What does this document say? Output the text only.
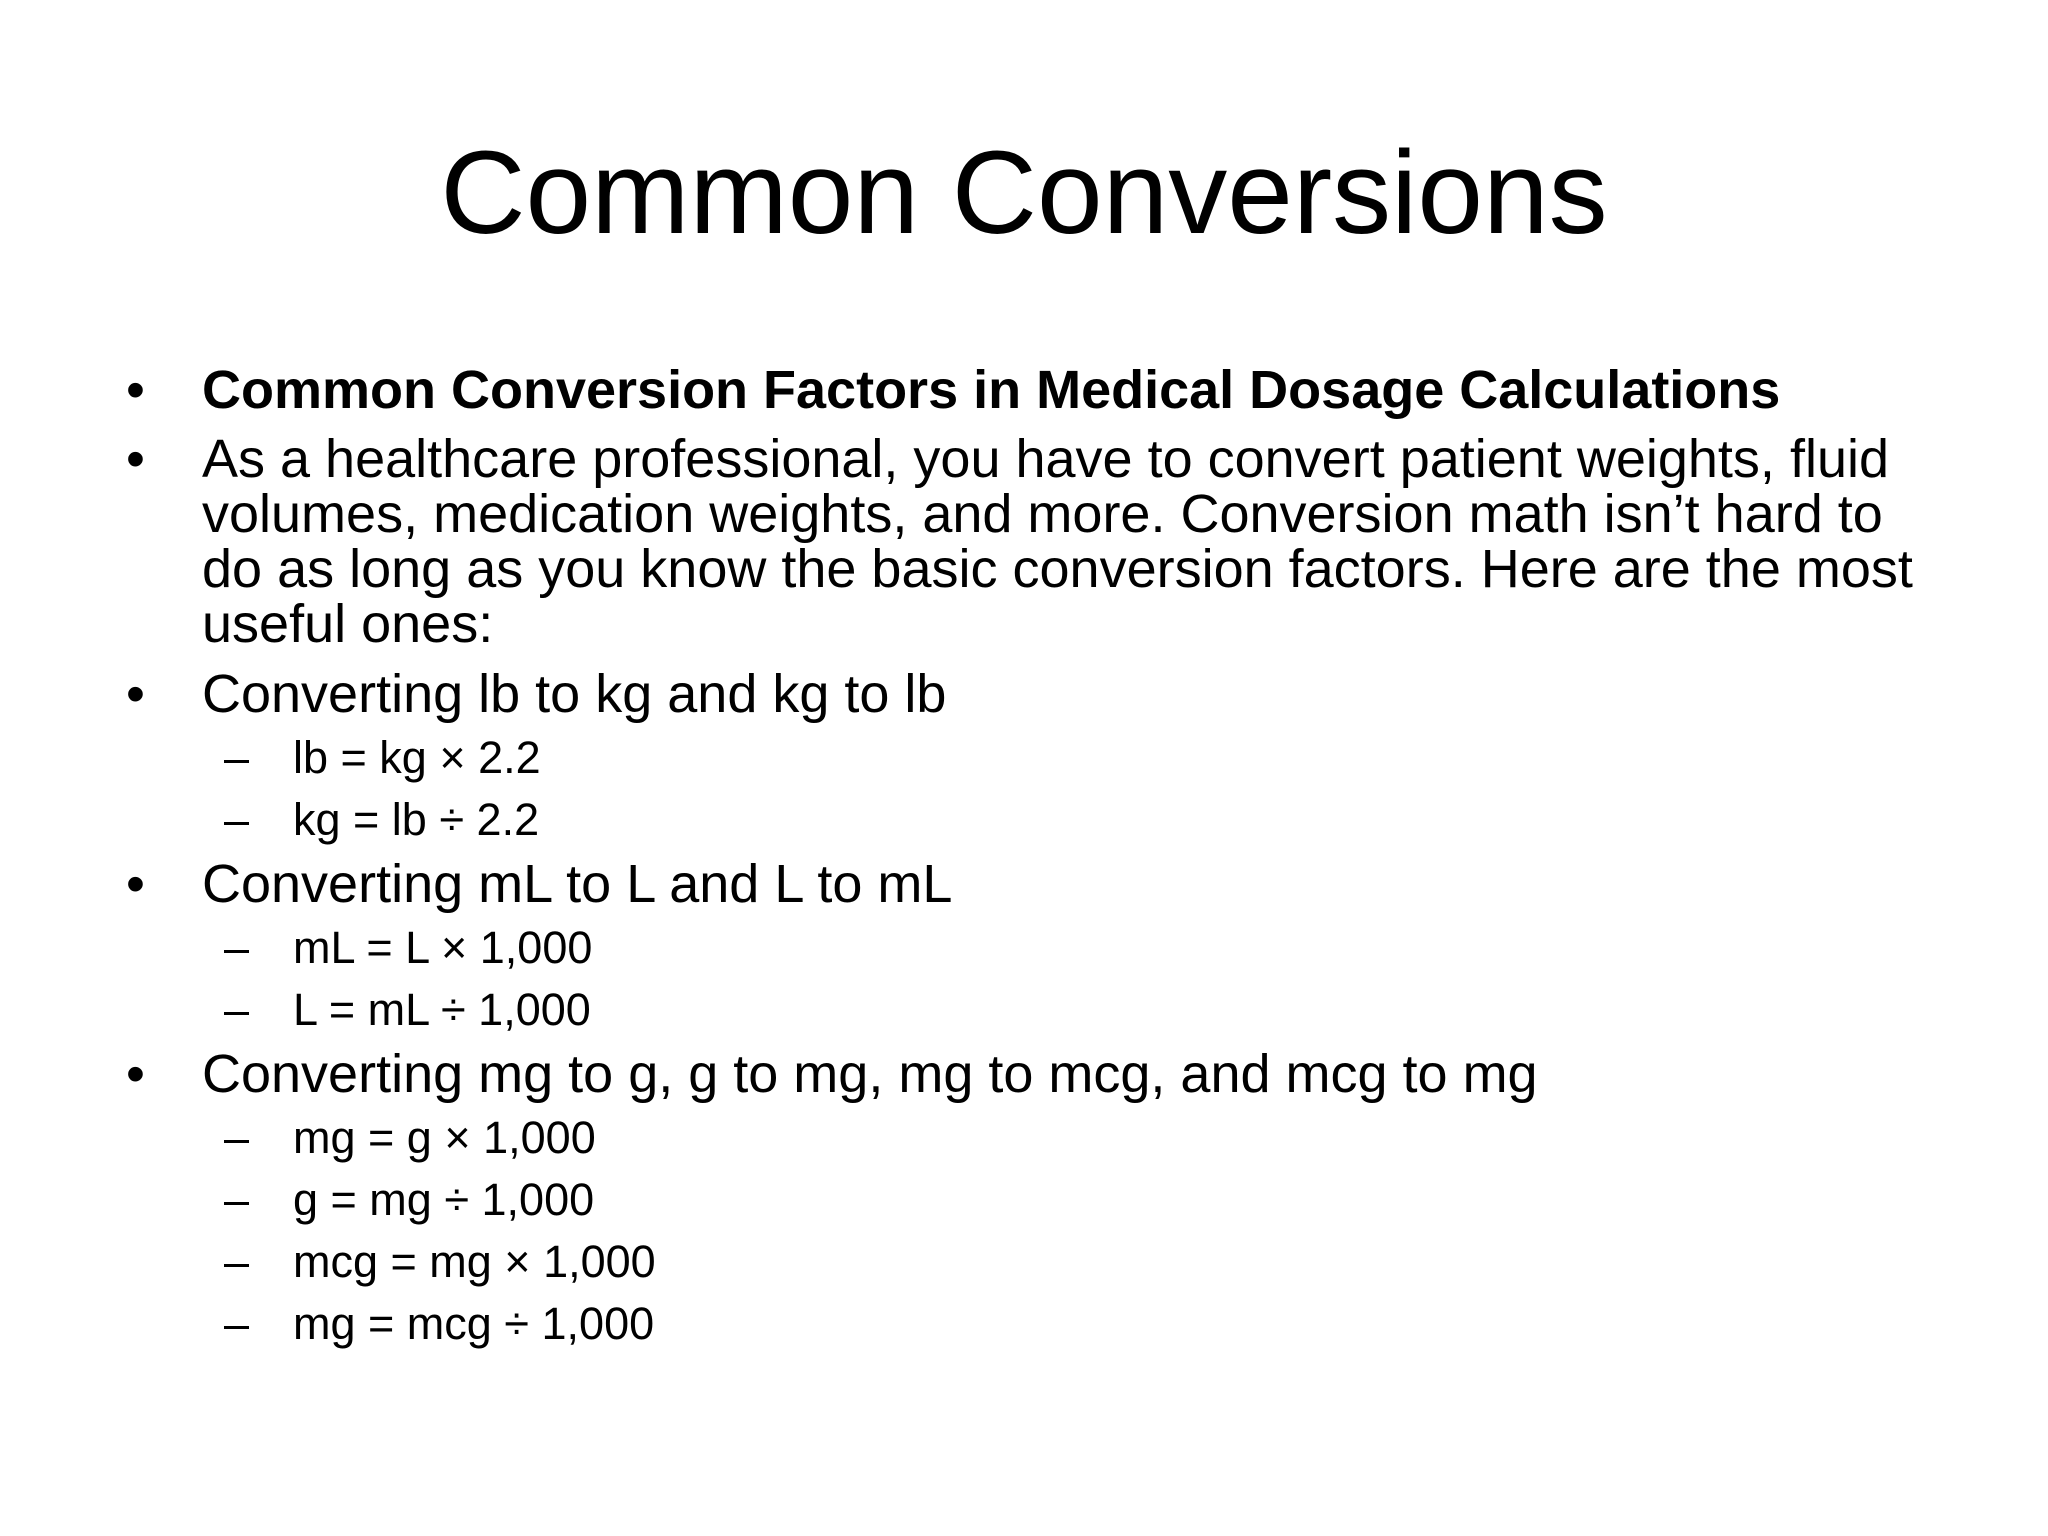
Common Conversions
•	Common Conversion Factors in Medical Dosage Calculations
•	As a healthcare professional, you have to convert patient weights, fluid volumes, medication weights, and more. Conversion math isn’t hard to do as long as you know the basic conversion factors. Here are the most useful ones:
•	Converting lb to kg and kg to lb
– lb = kg × 2.2
– kg = lb ÷ 2.2
•	Converting mL to L and L to mL
– mL = L × 1,000
– L = mL ÷ 1,000
•	Converting mg to g, g to mg, mg to mcg, and mcg to mg
– mg = g × 1,000
– g = mg ÷ 1,000
– mcg = mg × 1,000
– mg = mcg ÷ 1,000
